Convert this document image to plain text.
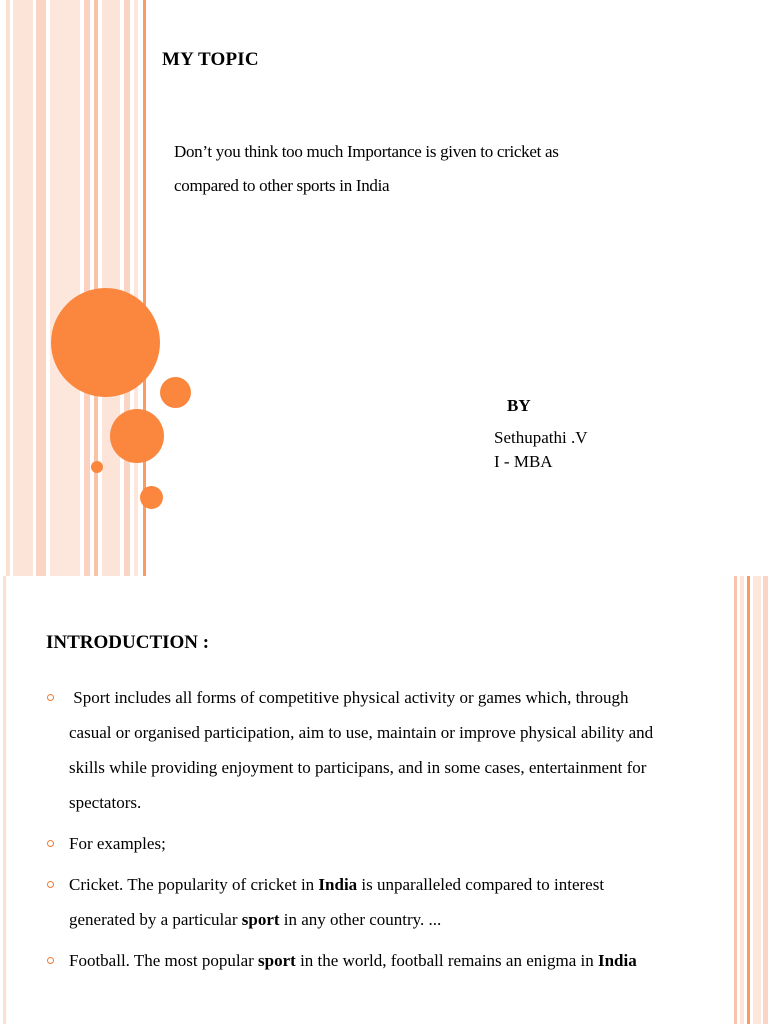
MY TOPIC
Don’t you think too much Importance is given to cricket as
compared to other sports in India
BY
Sethupathi .V
I - MBA
INTRODUCTION :
Sport includes all forms of competitive physical activity or games which, through casual or organised participation, aim to use, maintain or improve physical ability and skills while providing enjoyment to participans, and in some cases, entertainment for spectators.
For examples;
Cricket. The popularity of cricket in India is unparalleled compared to interest generated by a particular sport in any other country. ...
Football. The most popular sport in the world, football remains an enigma in India
